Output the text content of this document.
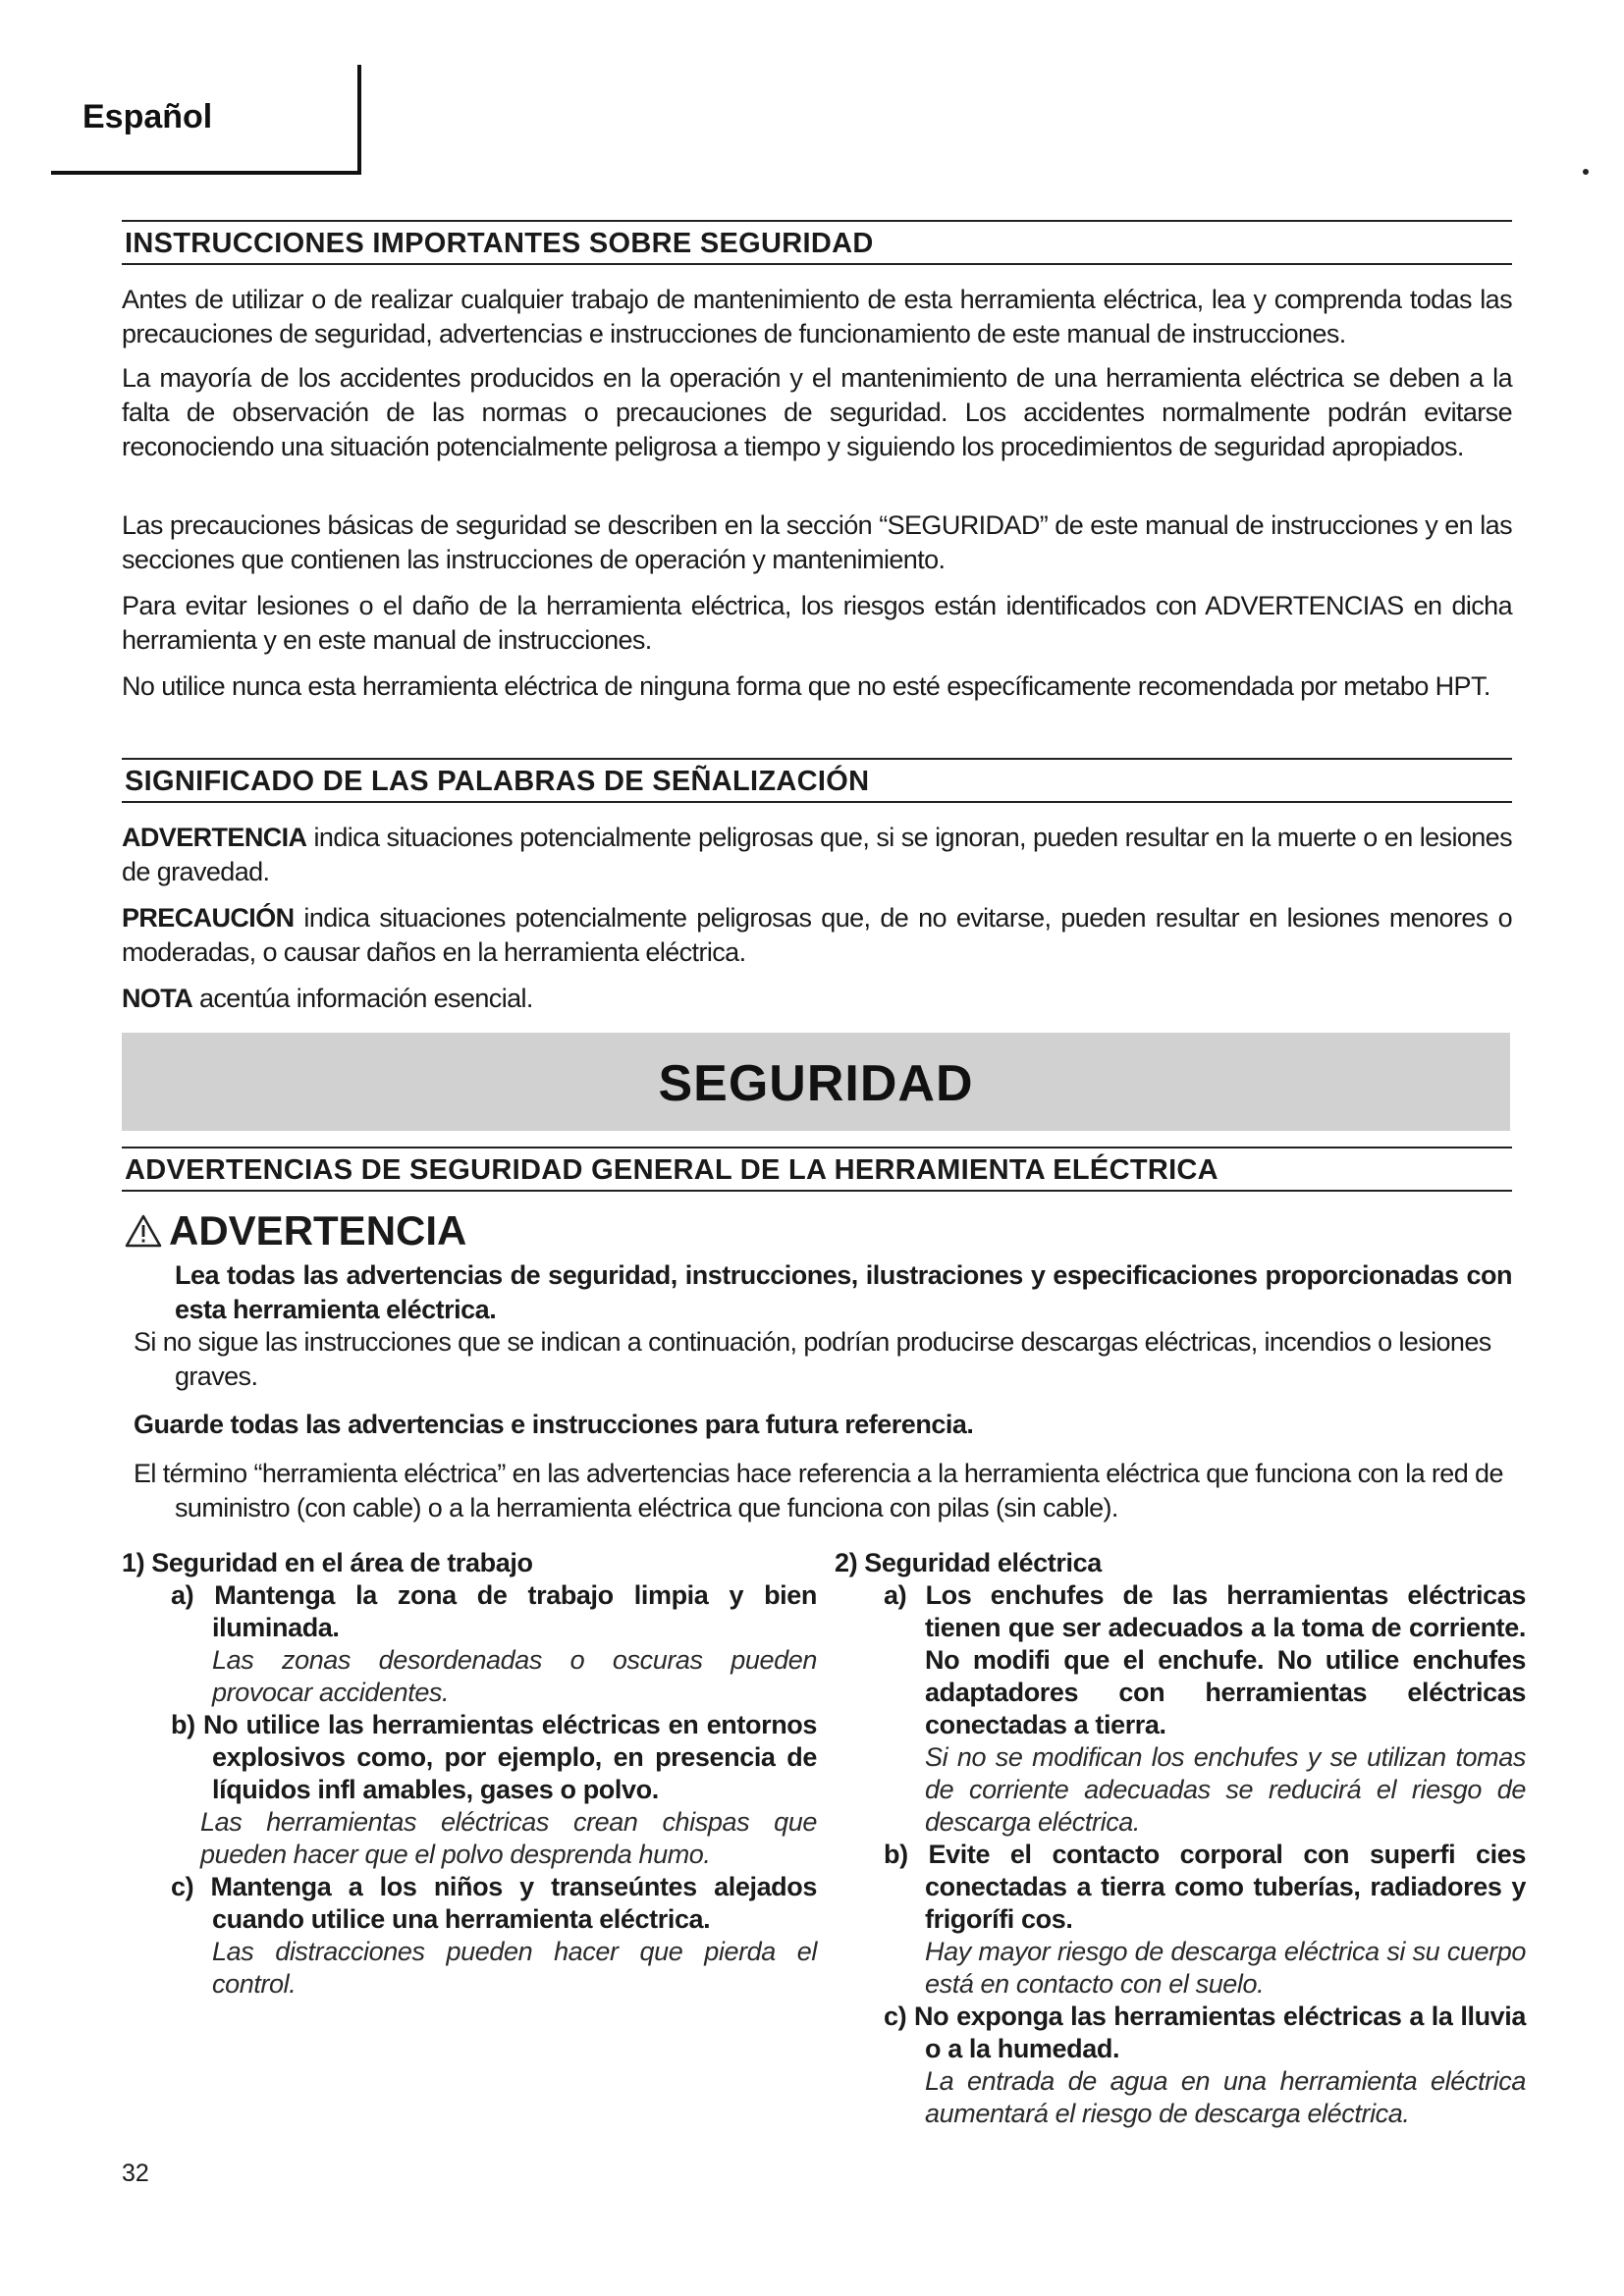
Español
INSTRUCCIONES IMPORTANTES SOBRE SEGURIDAD

Antes de utilizar o de realizar cualquier trabajo de mantenimiento de esta herramienta eléctrica, lea y comprenda todas las precauciones de seguridad, advertencias e instrucciones de funcionamiento de este manual de instrucciones.

La mayoría de los accidentes producidos en la operación y el mantenimiento de una herramienta eléctrica se deben a la falta de observación de las normas o precauciones de seguridad. Los accidentes normalmente podrán evitarse reconociendo una situación potencialmente peligrosa a tiempo y siguiendo los procedimientos de seguridad apropiados.

Las precauciones básicas de seguridad se describen en la sección “SEGURIDAD” de este manual de instrucciones y en las secciones que contienen las instrucciones de operación y mantenimiento.

Para evitar lesiones o el daño de la herramienta eléctrica, los riesgos están identificados con ADVERTENCIAS en dicha herramienta y en este manual de instrucciones.

No utilice nunca esta herramienta eléctrica de ninguna forma que no esté específicamente recomendada por metabo HPT.

SIGNIFICADO DE LAS PALABRAS DE SEÑALIZACIÓN

ADVERTENCIA indica situaciones potencialmente peligrosas que, si se ignoran, pueden resultar en la muerte o en lesiones de gravedad.

PRECAUCIÓN indica situaciones potencialmente peligrosas que, de no evitarse, pueden resultar en lesiones menores o moderadas, o causar daños en la herramienta eléctrica.

NOTA acentúa información esencial.

SEGURIDAD
ADVERTENCIAS DE SEGURIDAD GENERAL DE LA HERRAMIENTA ELÉCTRICA
ADVERTENCIA

Lea todas las advertencias de seguridad, instrucciones, ilustraciones y especificaciones proporcionadas con esta herramienta eléctrica.

Si no sigue las instrucciones que se indican a continuación, podrían producirse descargas eléctricas, incendios o lesiones graves.

Guarde todas las advertencias e instrucciones para futura referencia.

El término “herramienta eléctrica” en las advertencias hace referencia a la herramienta eléctrica que funciona con la red de suministro (con cable) o a la herramienta eléctrica que funciona con pilas (sin cable).

1) Seguridad en el área de trabajo

a) Mantenga la zona de trabajo limpia y bien iluminada.

Las zonas desordenadas o oscuras pueden provocar accidentes.

b) No utilice las herramientas eléctricas en entornos explosivos como, por ejemplo, en presencia de líquidos infl amables, gases o polvo.

Las herramientas eléctricas crean chispas que pueden hacer que el polvo desprenda humo.

c) Mantenga a los niños y transeúntes alejados cuando utilice una herramienta eléctrica.

Las distracciones pueden hacer que pierda el control.

2) Seguridad eléctrica

a) Los enchufes de las herramientas eléctricas tienen que ser adecuados a la toma de corriente. No modifi que el enchufe. No utilice enchufes adaptadores con herramientas eléctricas conectadas a tierra.

Si no se modifican los enchufes y se utilizan tomas de corriente adecuadas se reducirá el riesgo de descarga eléctrica.

b) Evite el contacto corporal con superfi cies conectadas a tierra como tuberías, radiadores y frigorífi cos.

Hay mayor riesgo de descarga eléctrica si su cuerpo está en contacto con el suelo.

c) No exponga las herramientas eléctricas a la lluvia o a la humedad.

La entrada de agua en una herramienta eléctrica aumentará el riesgo de descarga eléctrica.

32
